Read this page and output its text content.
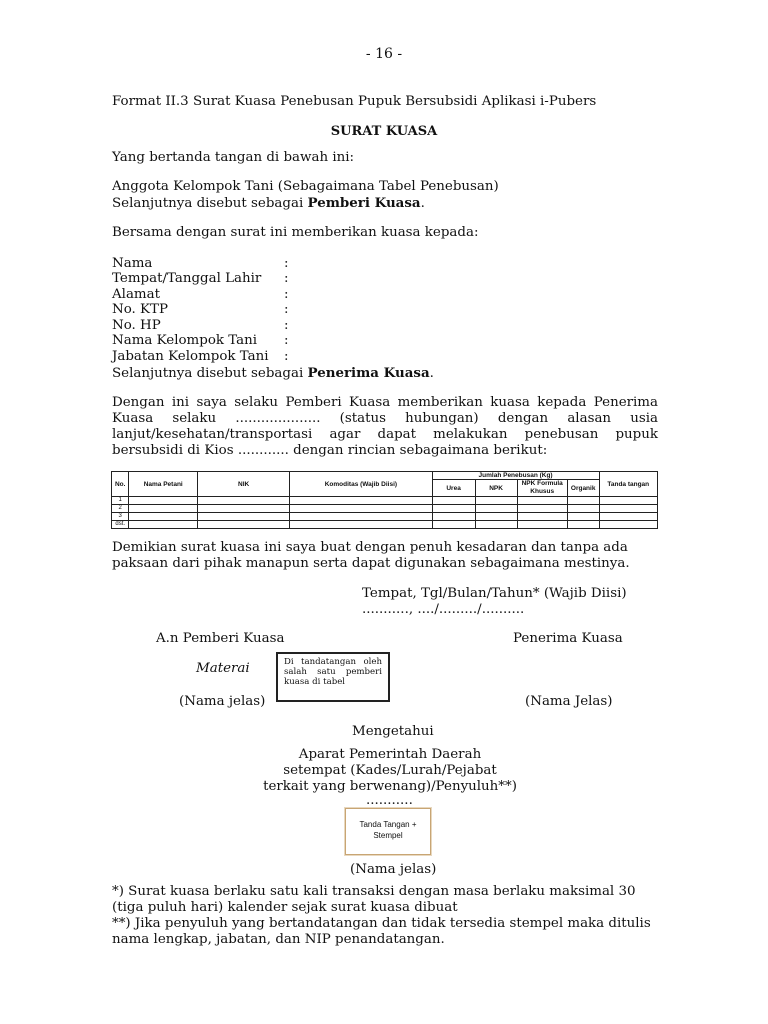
- 16 -
Format II.3 Surat Kuasa Penebusan Pupuk Bersubsidi Aplikasi i-Pubers
SURAT KUASA
Yang bertanda tangan di bawah ini:
Anggota Kelompok Tani (Sebagaimana Tabel Penebusan)
Selanjutnya disebut sebagai Pemberi Kuasa.
Bersama dengan surat ini memberikan kuasa kepada:
Nama	:
Tempat/Tanggal Lahir :
Alamat	:
No. KTP	:
No. HP	:
Nama Kelompok Tani :
Jabatan Kelompok Tani :
Selanjutnya disebut sebagai Penerima Kuasa.
Dengan ini saya selaku Pemberi Kuasa memberikan kuasa kepada Penerima
Kuasa selaku .................... (status hubungan) dengan alasan usia
lanjut/kesehatan/transportasi agar dapat melakukan penebusan pupuk
bersubsidi di Kios ............ dengan rincian sebagaimana berikut:
No.	Nama Petani	NIK	Komoditas (Wajib Diisi)	Jumlah Penebusan (Kg)				Tanda tangan
				Urea	NPK	NPK Formula Khusus	Organik	
1								
2								
3								
dst.								
Demikian surat kuasa ini saya buat dengan penuh kesadaran dan tanpa ada
paksaan dari pihak manapun serta dapat digunakan sebagaimana mestinya.
Tempat, Tgl/Bulan/Tahun* (Wajib Diisi)
..........., ..../........./..........
A.n Pemberi Kuasa	Penerima Kuasa
Materai	Di tandatangan oleh salah satu pemberi kuasa di tabel
(Nama jelas)	(Nama Jelas)
Mengetahui
Aparat Pemerintah Daerah
setempat (Kades/Lurah/Pejabat
terkait yang berwenang)/Penyuluh**)
...........
Tanda Tangan + Stempel
(Nama jelas)
*) Surat kuasa berlaku satu kali transaksi dengan masa berlaku maksimal 30
(tiga puluh hari) kalender sejak surat kuasa dibuat
**) Jika penyuluh yang bertandatangan dan tidak tersedia stempel maka ditulis
nama lengkap, jabatan, dan NIP penandatangan.
